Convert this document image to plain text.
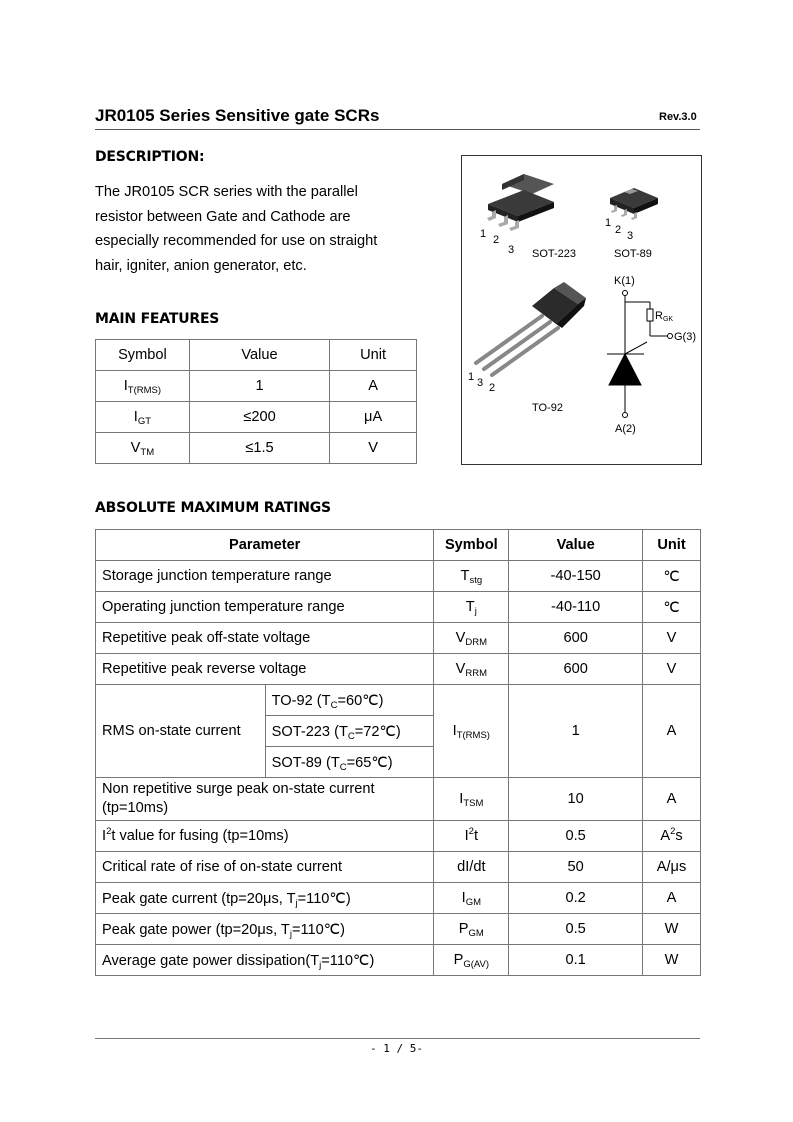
JR0105 Series Sensitive gate SCRs	Rev.3.0
DESCRIPTION:

The JR0105 SCR series with the parallel
resistor between Gate and Cathode are
especially recommended for use on straight
hair, igniter, anion generator, etc.

MAIN FEATURES
Symbol	Value	Unit
$I_{T(RMS)}$	1	A
$I_{GT}$	≤200	μA
$V_{TM}$	≤1.5	V
1 2
3 SOT-223
1
2 3
SOT-89
1 3 2
TO-92
K(1)
RGK
G(3)
A(2)
ABSOLUTE MAXIMUM RATINGS
Parameter		Symbol	Value	Unit
Storage junction temperature range		$T_{stg}$	-40-150	℃
Operating junction temperature range		$T_j$	-40-110	℃
Repetitive peak off-state voltage		$V_{DRM}$	600	V
Repetitive peak reverse voltage		$V_{RRM}$	600	V
RMS on-state current	TO-92 $(T_C=60℃)$	$I_{T(RMS)}$	1	A
	SOT-223 $(T_C=72℃)$			
	SOT-89 $(T_C=65℃)$			
Non repetitive surge peak on-state current (tp=10ms)		$I_{TSM}$	10	A
$I^2t$ value for fusing (tp=10ms)		$I^2t$	0.5	$A^2s$
Critical rate of rise of on-state current		dI/dt	50	A/μs
Peak gate current (tp=20μs, $T_j=110℃$)		$I_{GM}$	0.2	A
Peak gate power (tp=20μs, $T_j=110℃$)		$P_{GM}$	0.5	W
Average gate power $dissipation(T_j=110℃)$		$P_{G(AV)}$	0.1	W
- 1 / 5-
